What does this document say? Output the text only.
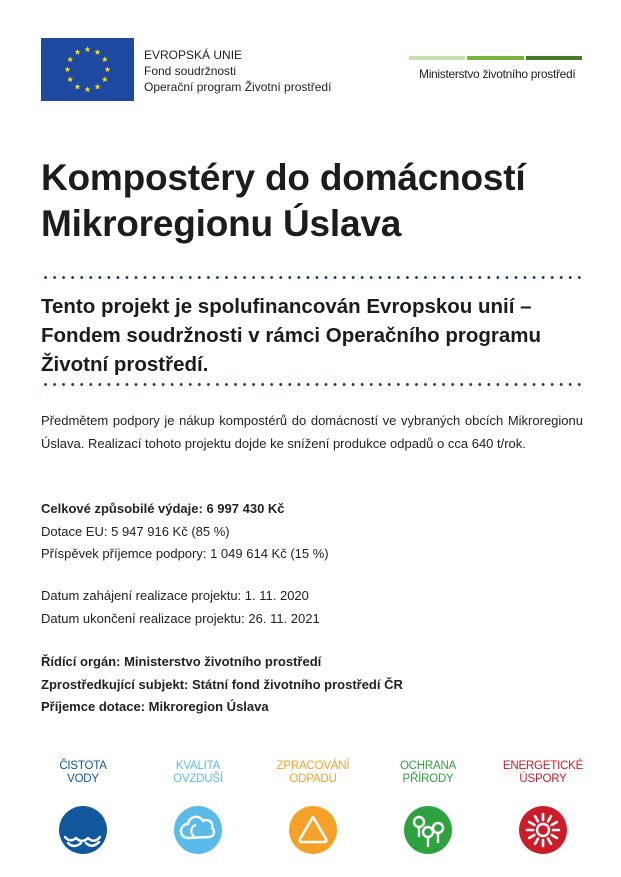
EVROPSKÁ UNIE
Fond soudržnosti
Operační program Životní prostředí
Ministerstvo životního prostředí
Kompostéry do domácností
Mikroregionu Úslava
Tento projekt je spolufinancován Evropskou unií –
Fondem soudržnosti v rámci Operačního programu
Životní prostředí.
Předmětem podpory je nákup kompostérů do domácností ve vybraných obcích Mikroregionu Úslava. Realizací tohoto projektu dojde ke snížení produkce odpadů o cca 640 t/rok.
Celkové způsobilé výdaje: 6 997 430 Kč
Dotace EU: 5 947 916 Kč (85 %)
Příspěvek příjemce podpory: 1 049 614 Kč (15 %)
Datum zahájení realizace projektu: 1. 11. 2020
Datum ukončení realizace projektu: 26. 11. 2021
Řídící orgán: Ministerstvo životního prostředí
Zprostředkující subjekt: Státní fond životního prostředí ČR
Příjemce dotace: Mikroregion Úslava
ČISTOTA
VODY
KVALITA
OVZDUŠÍ
ZPRACOVÁNÍ
ODPADU
OCHRANA
PŘÍRODY
ENERGETICKÉ
ÚSPORY
